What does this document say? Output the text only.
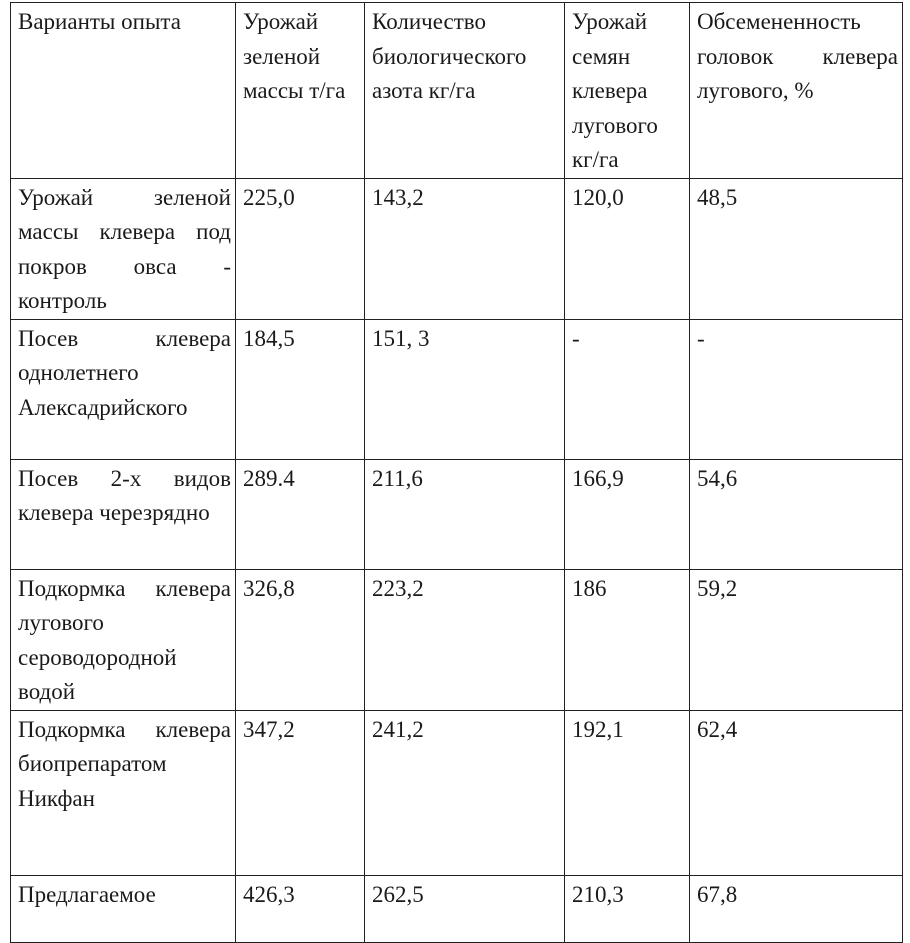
Варианты опыта	Урожай зеленой массы т/га	Количество биологического азота кг/га	Урожай семян клевера лугового кг/га	Обсемененность головок клевера лугового, %
Урожай зеленой массы клевера под покров овса - контроль	225,0	143,2	120,0	48,5
Посев клевера однолетнего Алексадрийского	184,5	151, 3	-	-
Посев 2-х видов клевера черезрядно	289.4	211,6	166,9	54,6
Подкормка клевера лугового сероводородной водой	326,8	223,2	186	59,2
Подкормка клевера биопрепаратом Никфан	347,2	241,2	192,1	62,4
Предлагаемое	426,3	262,5	210,3	67,8
